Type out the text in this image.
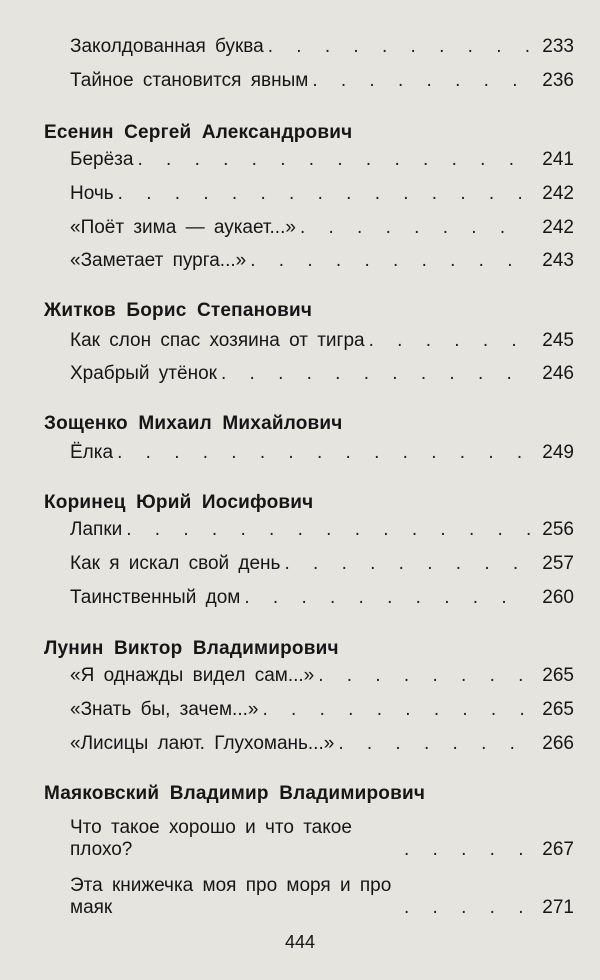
Заколдованная буква . . .	233
Тайное становится явным . . .	236
Есенин Сергей Александрович
Берёза . . .	241
Ночь . . .	242
«Поёт зима — аукает...» . . .	242
«Заметает пурга...» . . .	243
Житков Борис Степанович
Как слон спас хозяина от тигра . . .	245
Храбрый утёнок . . .	246
Зощенко Михаил Михайлович
Ёлка . . .	249
Коринец Юрий Иосифович
Лапки . . .	256
Как я искал свой день . . .	257
Таинственный дом . . .	260
Лунин Виктор Владимирович
«Я однажды видел сам...» . . .	265
«Знать бы, зачем...» . . .	265
«Лисицы лают. Глухомань...» . . .	266
Маяковский Владимир Владимирович
Что такое хорошо и что такое плохо? . . .	267
Эта книжечка моя про моря и про маяк . . .	271
444
